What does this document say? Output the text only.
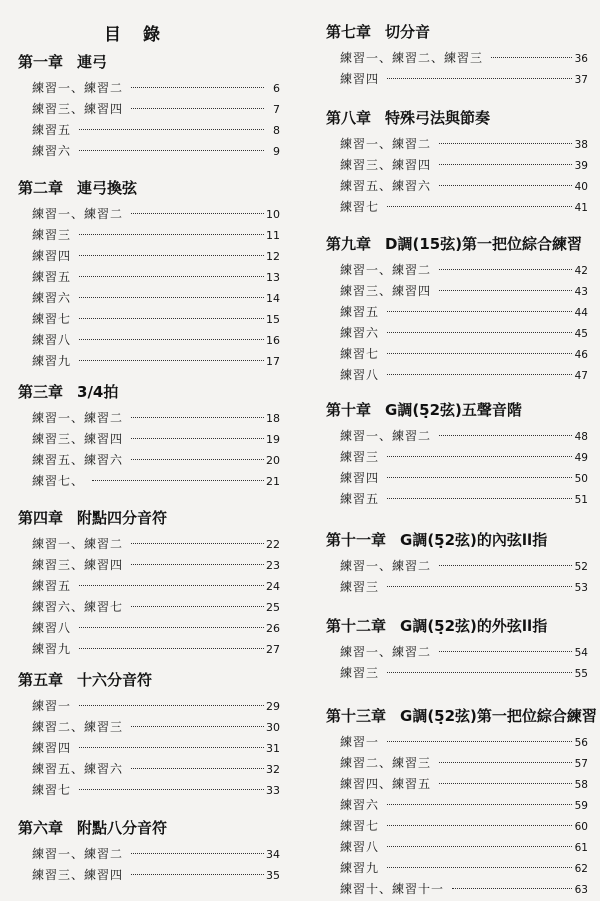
目錄
第一章 連弓
練習一、練習二	6
練習三、練習四	7
練習五	8
練習六	9
第二章 連弓換弦
練習一、練習二	10
練習三	11
練習四	12
練習五	13
練習六	14
練習七	15
練習八	16
練習九	17
第三章 3/4拍
練習一、練習二	18
練習三、練習四	19
練習五、練習六	20
練習七、	21
第四章 附點四分音符
練習一、練習二	22
練習三、練習四	23
練習五	24
練習六、練習七	25
練習八	26
練習九	27
第五章 十六分音符
練習一	29
練習二、練習三	30
練習四	31
練習五、練習六	32
練習七	33
第六章 附點八分音符
練習一、練習二	34
練習三、練習四	35
第七章 切分音
練習一、練習二、練習三	36
練習四	37
第八章 特殊弓法與節奏
練習一、練習二	38
練習三、練習四	39
練習五、練習六	40
練習七	41
第九章 D調(15弦)第一把位綜合練習
練習一、練習二	42
練習三、練習四	43
練習五	44
練習六	45
練習七	46
練習八	47
第十章 G調(5̣2弦)五聲音階
練習一、練習二	48
練習三	49
練習四	50
練習五	51
第十一章 G調(5̣2弦)的內弦ll指
練習一、練習二	52
練習三	53
第十二章 G調(5̣2弦)的外弦ll指
練習一、練習二	54
練習三	55
第十三章 G調(5̣2弦)第一把位綜合練習
練習一	56
練習二、練習三	57
練習四、練習五	58
練習六	59
練習七	60
練習八	61
練習九	62
練習十、練習十一	63
